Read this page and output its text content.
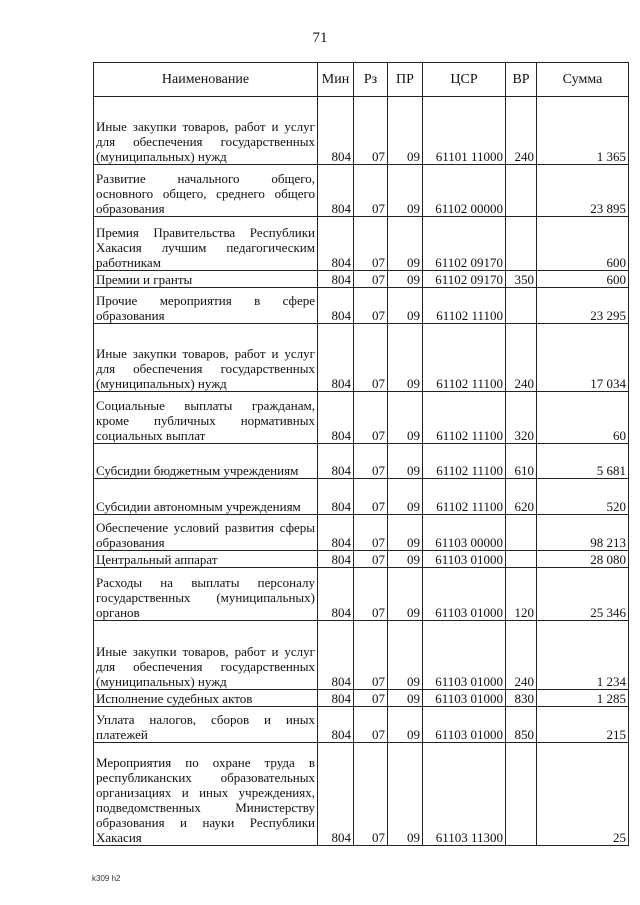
71
Наименование	Мин	Рз	ПР	ЦСР	ВР	Сумма
Иные закупки товаров, работ и услуг для обеспечения государственных (муниципальных) нужд	804	07	09	61101 11000	240	1 365
Развитие начального общего, основного общего, среднего общего образования	804	07	09	61102 00000		23 895
Премия Правительства Республики Хакасия лучшим педагогическим работникам	804	07	09	61102 09170		600
Премии и гранты	804	07	09	61102 09170	350	600
Прочие мероприятия в сфере образования	804	07	09	61102 11100		23 295
Иные закупки товаров, работ и услуг для обеспечения государственных (муниципальных) нужд	804	07	09	61102 11100	240	17 034
Социальные выплаты гражданам, кроме публичных нормативных социальных выплат	804	07	09	61102 11100	320	60
Субсидии бюджетным учреждениям	804	07	09	61102 11100	610	5 681
Субсидии автономным учреждениям	804	07	09	61102 11100	620	520
Обеспечение условий развития сферы образования	804	07	09	61103 00000		98 213
Центральный аппарат	804	07	09	61103 01000		28 080
Расходы на выплаты персоналу государственных (муниципальных) органов	804	07	09	61103 01000	120	25 346
Иные закупки товаров, работ и услуг для обеспечения государственных (муниципальных) нужд	804	07	09	61103 01000	240	1 234
Исполнение судебных актов	804	07	09	61103 01000	830	1 285
Уплата налогов, сборов и иных платежей	804	07	09	61103 01000	850	215
Мероприятия по охране труда в республиканских образовательных организациях и иных учреждениях, подведомственных Министерству образования и науки Республики Хакасия	804	07	09	61103 11300		25
k309 h2
